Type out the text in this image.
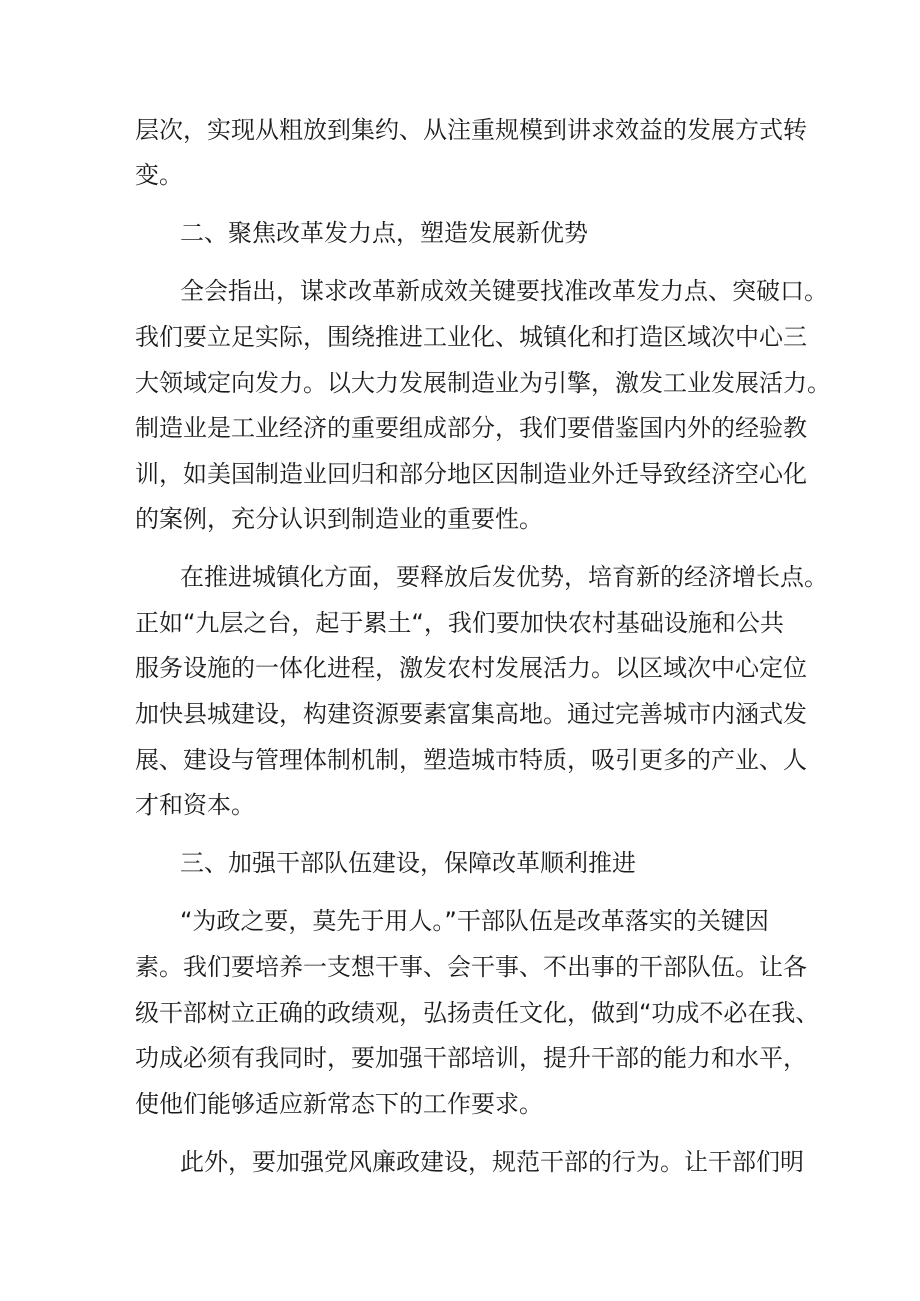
层次，实现从粗放到集约、从注重规模到讲求效益的发展方式转
变。
二、聚焦改革发力点，塑造发展新优势
全会指出，谋求改革新成效关键要找准改革发力点、突破口。
我们要立足实际，围绕推进工业化、城镇化和打造区域次中心三
大领域定向发力。以大力发展制造业为引擎，激发工业发展活力。
制造业是工业经济的重要组成部分，我们要借鉴国内外的经验教
训，如美国制造业回归和部分地区因制造业外迁导致经济空心化
的案例，充分认识到制造业的重要性。
在推进城镇化方面，要释放后发优势，培育新的经济增长点。
正如“九层之台，起于累土“，我们要加快农村基础设施和公共
服务设施的一体化进程，激发农村发展活力。以区域次中心定位
加快县城建设，构建资源要素富集高地。通过完善城市内涵式发
展、建设与管理体制机制，塑造城市特质，吸引更多的产业、人
才和资本。
三、加强干部队伍建设，保障改革顺利推进
“为政之要，莫先于用人。”干部队伍是改革落实的关键因
素。我们要培养一支想干事、会干事、不出事的干部队伍。让各
级干部树立正确的政绩观，弘扬责任文化，做到“功成不必在我、
功成必须有我同时，要加强干部培训，提升干部的能力和水平，
使他们能够适应新常态下的工作要求。
此外，要加强党风廉政建设，规范干部的行为。让干部们明
